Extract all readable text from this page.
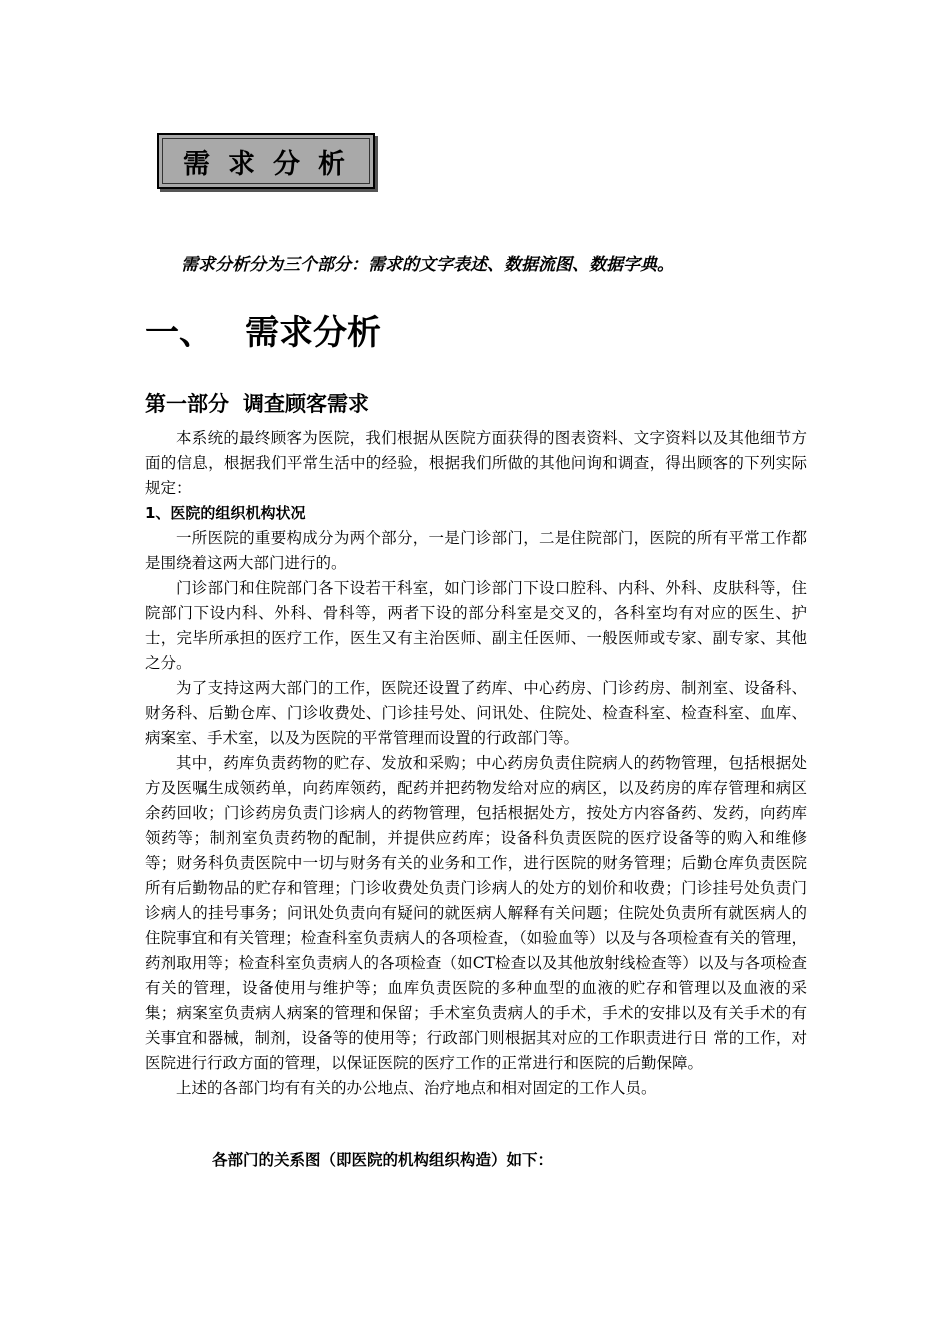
需求分析
需求分析分为三个部分：需求的文字表述、数据流图、数据字典。
一、 需求分析
第一部分 调查顾客需求

本系统的最终顾客为医院，我们根据从医院方面获得的图表资料、文字资料以及其他细节方面的信息，根据我们平常生活中的经验，根据我们所做的其他问询和调查，得出顾客的下列实际规定：

1、医院的组织机构状况

一所医院的重要构成分为两个部分，一是门诊部门，二是住院部门，医院的所有平常工作都是围绕着这两大部门进行的。

门诊部门和住院部门各下设若干科室，如门诊部门下设口腔科、内科、外科、皮肤科等，住院部门下设内科、外科、骨科等，两者下设的部分科室是交叉的，各科室均有对应的医生、护士，完毕所承担的医疗工作，医生又有主治医师、副主任医师、一般医师或专家、副专家、其他之分。

为了支持这两大部门的工作，医院还设置了药库、中心药房、门诊药房、制剂室、设备科、财务科、后勤仓库、门诊收费处、门诊挂号处、问讯处、住院处、检查科室、检查科室、血库、病案室、手术室，以及为医院的平常管理而设置的行政部门等。

其中，药库负责药物的贮存、发放和采购；中心药房负责住院病人的药物管理，包括根据处方及医嘱生成领药单，向药库领药，配药并把药物发给对应的病区，以及药房的库存管理和病区余药回收；门诊药房负责门诊病人的药物管理，包括根据处方，按处方内容备药、发药，向药库领药等；制剂室负责药物的配制，并提供应药库；设备科负责医院的医疗设备等的购入和维修等；财务科负责医院中一切与财务有关的业务和工作，进行医院的财务管理；后勤仓库负责医院所有后勤物品的贮存和管理；门诊收费处负责门诊病人的处方的划价和收费；门诊挂号处负责门诊病人的挂号事务；问讯处负责向有疑问的就医病人解释有关问题；住院处负责所有就医病人的住院事宜和有关管理；检查科室负责病人的各项检查，（如验血等）以及与各项检查有关的管理，药剂取用等；检查科室负责病人的各项检查（如CT检查以及其他放射线检查等）以及与各项检查有关的管理，设备使用与维护等；血库负责医院的多种血型的血液的贮存和管理以及血液的采集；病案室负责病人病案的管理和保留；手术室负责病人的手术，手术的安排以及有关手术的有关事宜和器械，制剂，设备等的使用等；行政部门则根据其对应的工作职责进行日 常的工作，对医院进行行政方面的管理，以保证医院的医疗工作的正常进行和医院的后勤保障。

上述的各部门均有有关的办公地点、治疗地点和相对固定的工作人员。

各部门的关系图（即医院的机构组织构造）如下：
